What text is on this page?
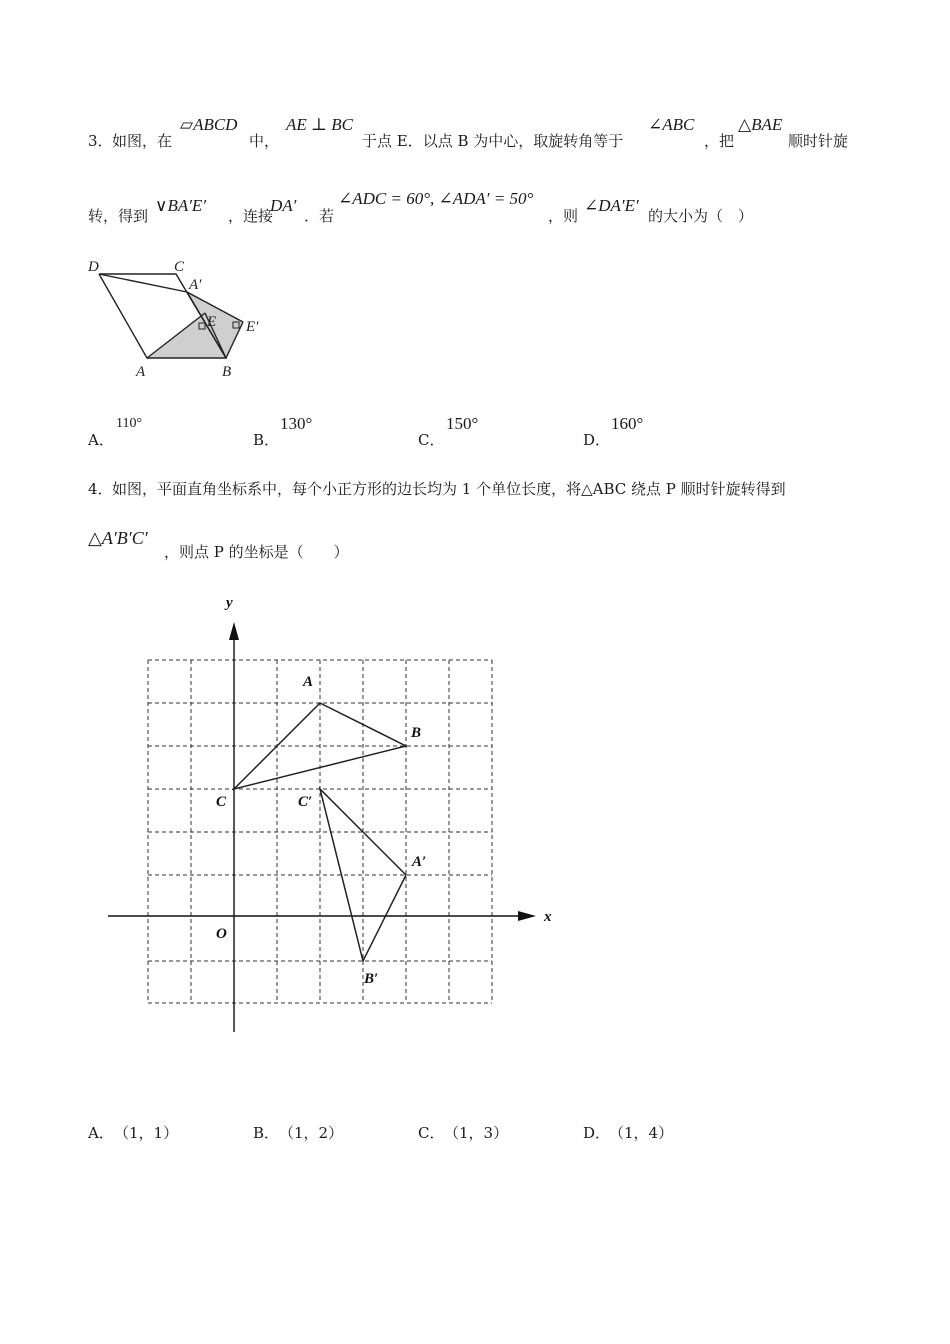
3． 如图，在
▱ABCD
中，
AE ⊥ BC
于点 E．以点 B 为中心，取旋转角等于
∠ABC
，把
△BAE
顺时针旋
转，得到
∨BA′E′
，连接
DA′
．若
∠ADC = 60°, ∠ADA′ = 50°
，则
∠DA′E′
的大小为（　）
D	C
A′
E E′
A	B
A．
110°
B．
130°
C．
150°
D．
160°
4． 如图，平面直角坐标系中，每个小正方形的边长均为 1 个单位长度，将△ABC 绕点 P 顺时针旋转得到
△A′B′C′
，则点 P 的坐标是（　　）
y
x
O
A
B
C
A′
B′
C′
A． （1，1）	B． （1，2）	C． （1，3）	D．
（1，4）
